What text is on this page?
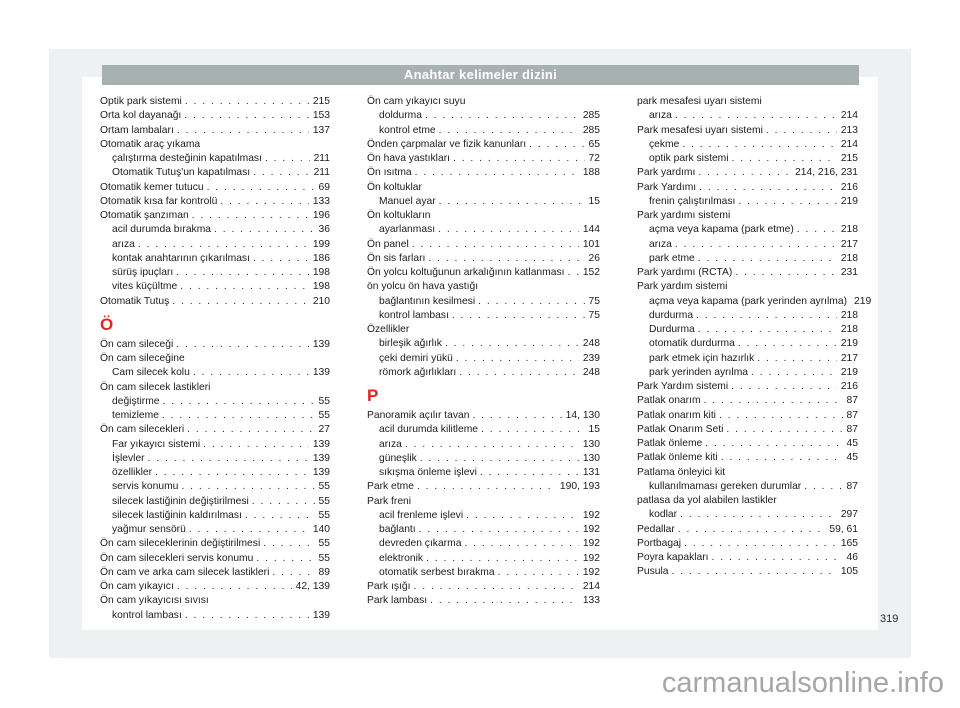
Anahtar kelimeler dizini
Optik park sistemi . . .	215
Orta kol dayanağı . . .	153
Ortam lambaları . . .	137
Otomatik araç yıkama
çalıştırma desteğinin kapatılması . . .	211
Otomatik Tutuş'un kapatılması . . .	211
Otomatik kemer tutucu . . .	69
Otomatik kısa far kontrolü . . .	133
Otomatik şanzıman . . .	196
acil durumda bırakma . . .	36
arıza . . .	199
kontak anahtarının çıkarılması . . .	186
sürüş ipuçları . . .	198
vites küçültme . . .	198
Otomatik Tutuş . . .	210
Ö
Ön cam sileceği . . .	139
Ön cam sileceğine
Cam silecek kolu . . .	139
Ön cam silecek lastikleri
değiştirme . . .	55
temizleme . . .	55
Ön cam silecekleri . . .	27
Far yıkayıcı sistemi . . .	139
İşlevler . . .	139
özellikler . . .	139
servis konumu . . .	55
silecek lastiğinin değiştirilmesi . . .	55
silecek lastiğinin kaldırılması . . .	55
yağmur sensörü . . .	140
Ön cam sileceklerinin değiştirilmesi . . .	55
Ön cam silecekleri servis konumu . . .	55
Ön cam ve arka cam silecek lastikleri . . .	89
Ön cam yıkayıcı . . .	42, 139
Ön cam yıkayıcısı sıvısı
kontrol lambası . . .	139
Ön cam yıkayıcı suyu
doldurma . . .	285
kontrol etme . . .	285
Önden çarpmalar ve fizik kanunları . . .	65
Ön hava yastıkları . . .	72
Ön ısıtma . . .	188
Ön koltuklar
Manuel ayar . . .	15
Ön koltukların
ayarlanması . . .	144
Ön panel . . .	101
Ön sis farları . . .	26
Ön yolcu koltuğunun arkalığının katlanması . . . 152
ön yolcu ön hava yastığı
bağlantının kesilmesi . . .	75
kontrol lambası . . .	75
Özellikler
birleşik ağırlık . . .	248
çeki demiri yükü . . .	239
römork ağırlıkları . . .	248
P
Panoramik açılır tavan . . .	14, 130
acil durumda kilitleme . . .	15
arıza . . .	130
güneşlik . . .	130
sıkışma önleme işlevi . . .	131
Park etme . . .	190, 193
Park freni
acil frenleme işlevi . . .	192
bağlantı . . .	192
devreden çıkarma . . .	192
elektronik . . .	192
otomatik serbest bırakma . . .	192
Park ışığı . . .	214
Park lambası . . .	133
park mesafesi uyarı sistemi
arıza . . .	214
Park mesafesi uyarı sistemi . . .	213
çekme . . .	214
optik park sistemi . . .	215
Park yardımı . . .	214, 216, 231
Park Yardımı . . .	216
frenin çalıştırılması . . .	219
Park yardımı sistemi
açma veya kapama (park etme) . . .	218
arıza . . .	217
park etme . . .	218
Park yardımı (RCTA) . . .	231
Park yardım sistemi
açma veya kapama (park yerinden ayrılma) 219
durdurma . . .	218
Durdurma . . .	218
otomatik durdurma . . .	219
park etmek için hazırlık . . .	217
park yerinden ayrılma . . .	219
Park Yardım sistemi . . .	216
Patlak onarım . . .	87
Patlak onarım kiti . . .	87
Patlak Onarım Seti . . .	87
Patlak önleme . . .	45
Patlak önleme kiti . . .	45
Patlama önleyici kit
kullanılmaması gereken durumlar . . .	87
patlasa da yol alabilen lastikler
kodlar . . .	297
Pedallar . . .	59, 61
Portbagaj . . .	165
Poyra kapakları . . .	46
Pusula . . .	105
319
carmanualsonline.info
